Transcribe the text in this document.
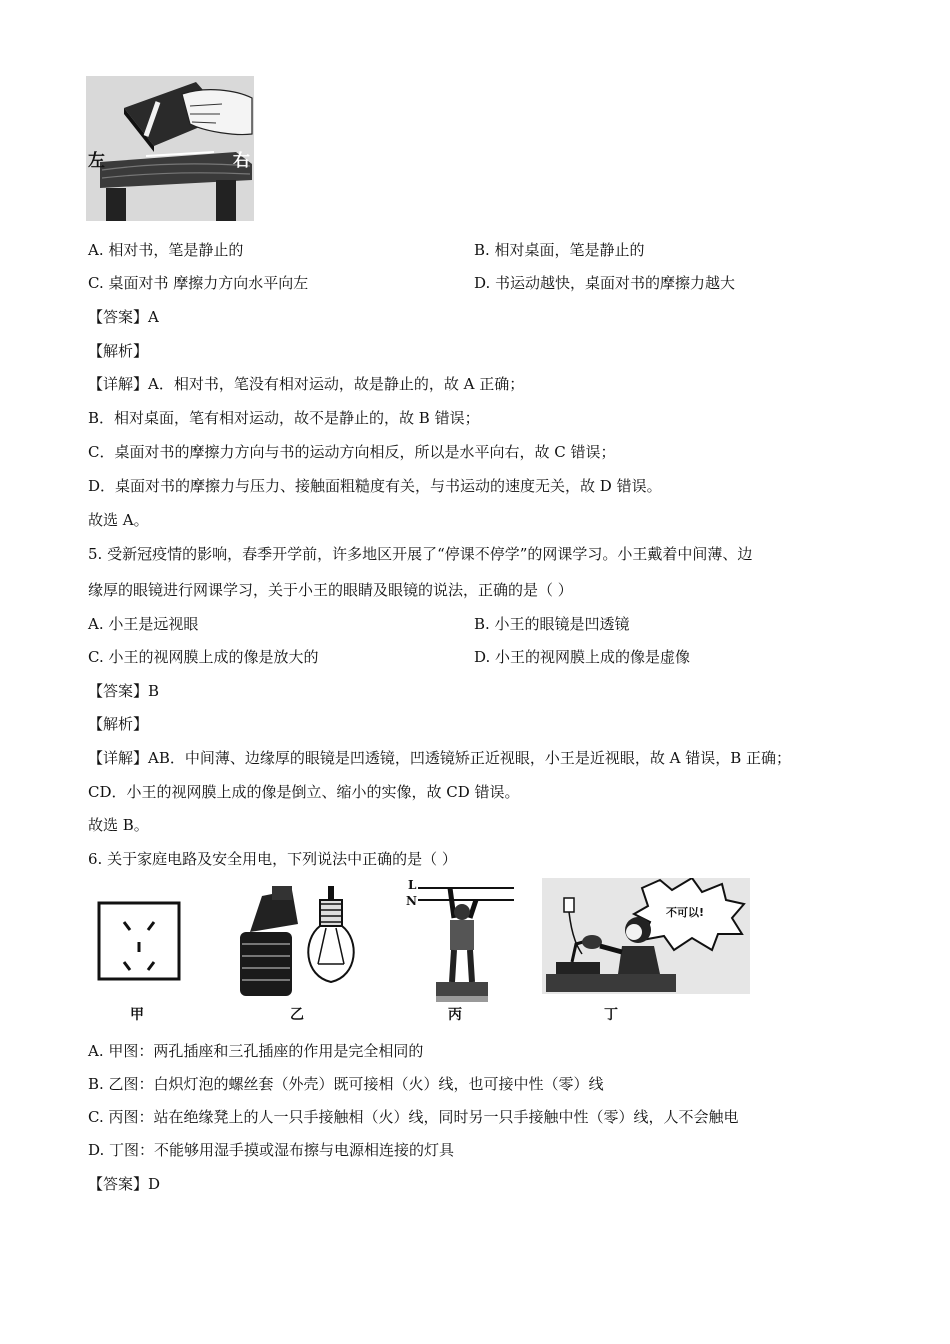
左	右
A. 相对书，笔是静止的	B. 相对桌面，笔是静止的
C. 桌面对书 摩擦力方向水平向左	D. 书运动越快，桌面对书的摩擦力越大
【答案】A
【解析】
【详解】A．相对书，笔没有相对运动，故是静止的，故 A 正确；
B．相对桌面，笔有相对运动，故不是静止的，故 B 错误；
C．桌面对书的摩擦力方向与书的运动方向相反，所以是水平向右，故 C 错误；
D．桌面对书的摩擦力与压力、接触面粗糙度有关，与书运动的速度无关，故 D 错误。
故选 A。
5. 受新冠疫情的影响，春季开学前，许多地区开展了“停课不停学”的网课学习。小王戴着中间薄、边
缘厚的眼镜进行网课学习，关于小王的眼睛及眼镜的说法，正确的是（ ）
A. 小王是远视眼	B. 小王的眼镜是凹透镜
C. 小王的视网膜上成的像是放大的	D. 小王的视网膜上成的像是虚像
【答案】B
【解析】
【详解】AB．中间薄、边缘厚的眼镜是凹透镜，凹透镜矫正近视眼，小王是近视眼，故 A 错误，B 正确；
CD．小王的视网膜上成的像是倒立、缩小的实像，故 CD 错误。
故选 B。
6. 关于家庭电路及安全用电，下列说法中正确的是（ ）
甲	乙
L
N
丙
不可以!
丁
A. 甲图：两孔插座和三孔插座的作用是完全相同的
B. 乙图：白炽灯泡的螺丝套（外壳）既可接相（火）线，也可接中性（零）线
C. 丙图：站在绝缘凳上的人一只手接触相（火）线，同时另一只手接触中性（零）线，人不会触电
D. 丁图：不能够用湿手摸或湿布擦与电源相连接的灯具
【答案】D
